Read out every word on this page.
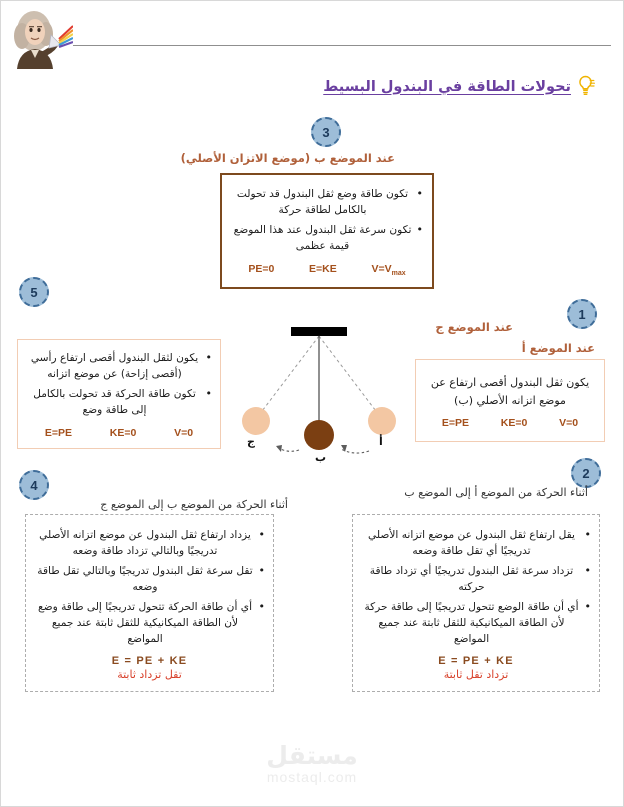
تحولات الطاقة في البندول البسيط
3
5
1
4
2
عند الموضع ب (موضع الاتزان الأصلي)
عند الموضع ج
عند الموضع أ
أثناء الحركة من الموضع ب إلى الموضع ج
أثناء الحركة من الموضع أ إلى الموضع ب
• تكون طاقة وضع ثقل البندول قد تحولت بالكامل لطاقة حركة
• تكون سرعة ثقل البندول عند هذا الموضع قيمة عظمى
$V=V_{max}$
E=KE
PE=0
• يكون لثقل البندول أقصى ارتفاع رأسي (أقصى إزاحة) عن موضع اتزانه
• تكون طاقة الحركة قد تحولت بالكامل إلى طاقة وضع
V=0
KE=0
E=PE
يكون ثقل البندول أقصى ارتفاع عن موضع اتزانه الأصلي (ب)
V=0
KE=0
E=PE
• يزداد ارتفاع ثقل البندول عن موضع اتزانه الأصلي تدريجيًا وبالتالي تزداد طاقة وضعه
• تقل سرعة ثقل البندول تدريجيًا وبالتالي تقل طاقة وضعه
• أي أن طاقة الحركة تتحول تدريجيًا إلى طاقة وضع لأن الطاقة الميكانيكية للثقل ثابتة عند جميع المواضع
E = PE + KE
تقل تزداد ثابتة
• يقل ارتفاع ثقل البندول عن موضع اتزانه الأصلي تدريجيًا أي تقل طاقة وضعه
• تزداد سرعة ثقل البندول تدريجيًا أي تزداد طاقة حركته
• أي أن طاقة الوضع تتحول تدريجيًا إلى طاقة حركة لأن الطاقة الميكانيكية للثقل ثابتة عند جميع المواضع
E = PE + KE
تزداد تقل ثابتة
ج
ب
أ
مستقل
mostaql.com
